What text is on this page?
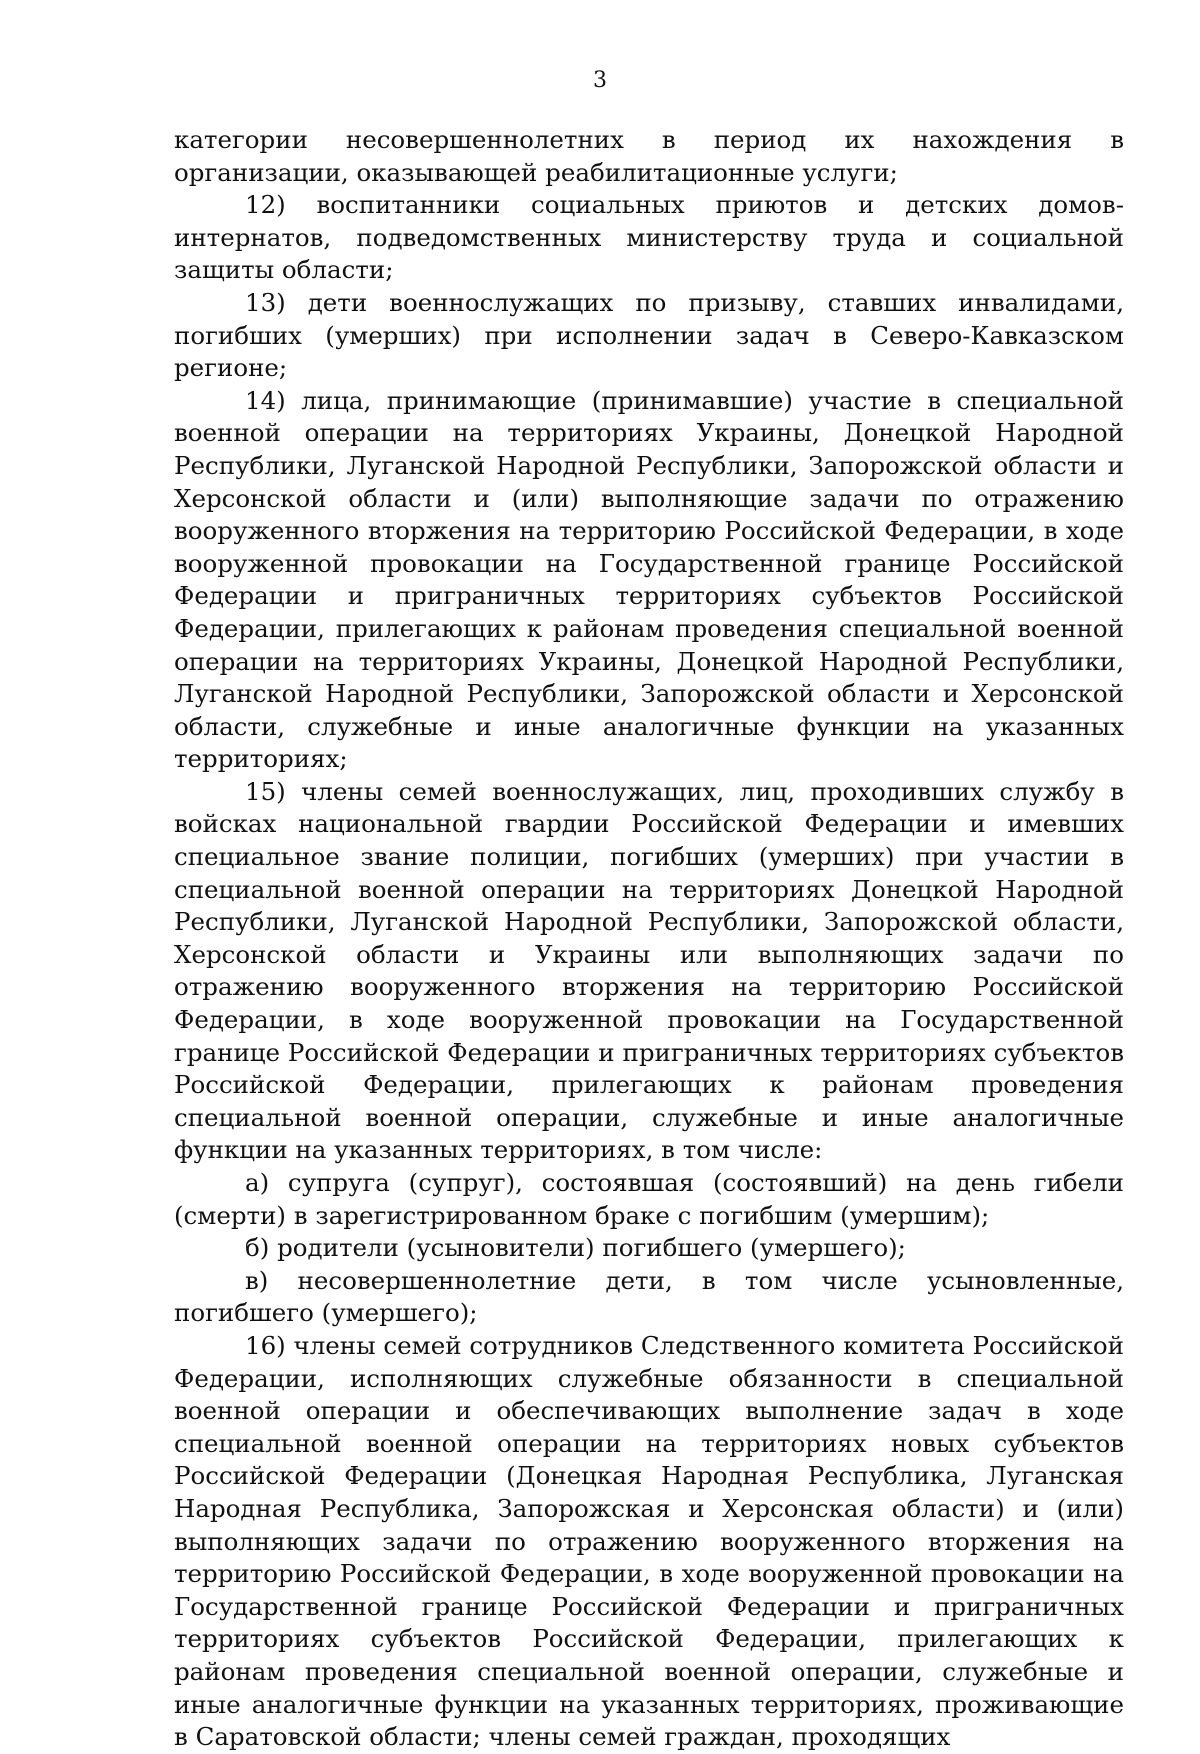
3

категории несовершеннолетних в период их нахождения в организации, оказывающей реабилитационные услуги;

12) воспитанники социальных приютов и детских домов-интернатов, подведомственных министерству труда и социальной защиты области;

13) дети военнослужащих по призыву, ставших инвалидами, погибших (умерших) при исполнении задач в Северо-Кавказском регионе;

14) лица, принимающие (принимавшие) участие в специальной военной операции на территориях Украины, Донецкой Народной Республики, Луганской Народной Республики, Запорожской области и Херсонской области и (или) выполняющие задачи по отражению вооруженного вторжения на территорию Российской Федерации, в ходе вооруженной провокации на Государственной границе Российской Федерации и приграничных территориях субъектов Российской Федерации, прилегающих к районам проведения специальной военной операции на территориях Украины, Донецкой Народной Республики, Луганской Народной Республики, Запорожской области и Херсонской области, служебные и иные аналогичные функции на указанных территориях;

15) члены семей военнослужащих, лиц, проходивших службу в войсках национальной гвардии Российской Федерации и имевших специальное звание полиции, погибших (умерших) при участии в специальной военной операции на территориях Донецкой Народной Республики, Луганской Народной Республики, Запорожской области, Херсонской области и Украины или выполняющих задачи по отражению вооруженного вторжения на территорию Российской Федерации, в ходе вооруженной провокации на Государственной границе Российской Федерации и приграничных территориях субъектов Российской Федерации, прилегающих к районам проведения специальной военной операции, служебные и иные аналогичные функции на указанных территориях, в том числе:

а) супруга (супруг), состоявшая (состоявший) на день гибели (смерти) в зарегистрированном браке с погибшим (умершим);

б) родители (усыновители) погибшего (умершего);

в) несовершеннолетние дети, в том числе усыновленные, погибшего (умершего);

16) члены семей сотрудников Следственного комитета Российской Федерации, исполняющих служебные обязанности в специальной военной операции и обеспечивающих выполнение задач в ходе специальной военной операции на территориях новых субъектов Российской Федерации (Донецкая Народная Республика, Луганская Народная Республика, Запорожская и Херсонская области) и (или) выполняющих задачи по отражению вооруженного вторжения на территорию Российской Федерации, в ходе вооруженной провокации на Государственной границе Российской Федерации и приграничных территориях субъектов Российской Федерации, прилегающих к районам проведения специальной военной операции, служебные и иные аналогичные функции на указанных территориях, проживающие в Саратовской области; члены семей граждан, проходящих
